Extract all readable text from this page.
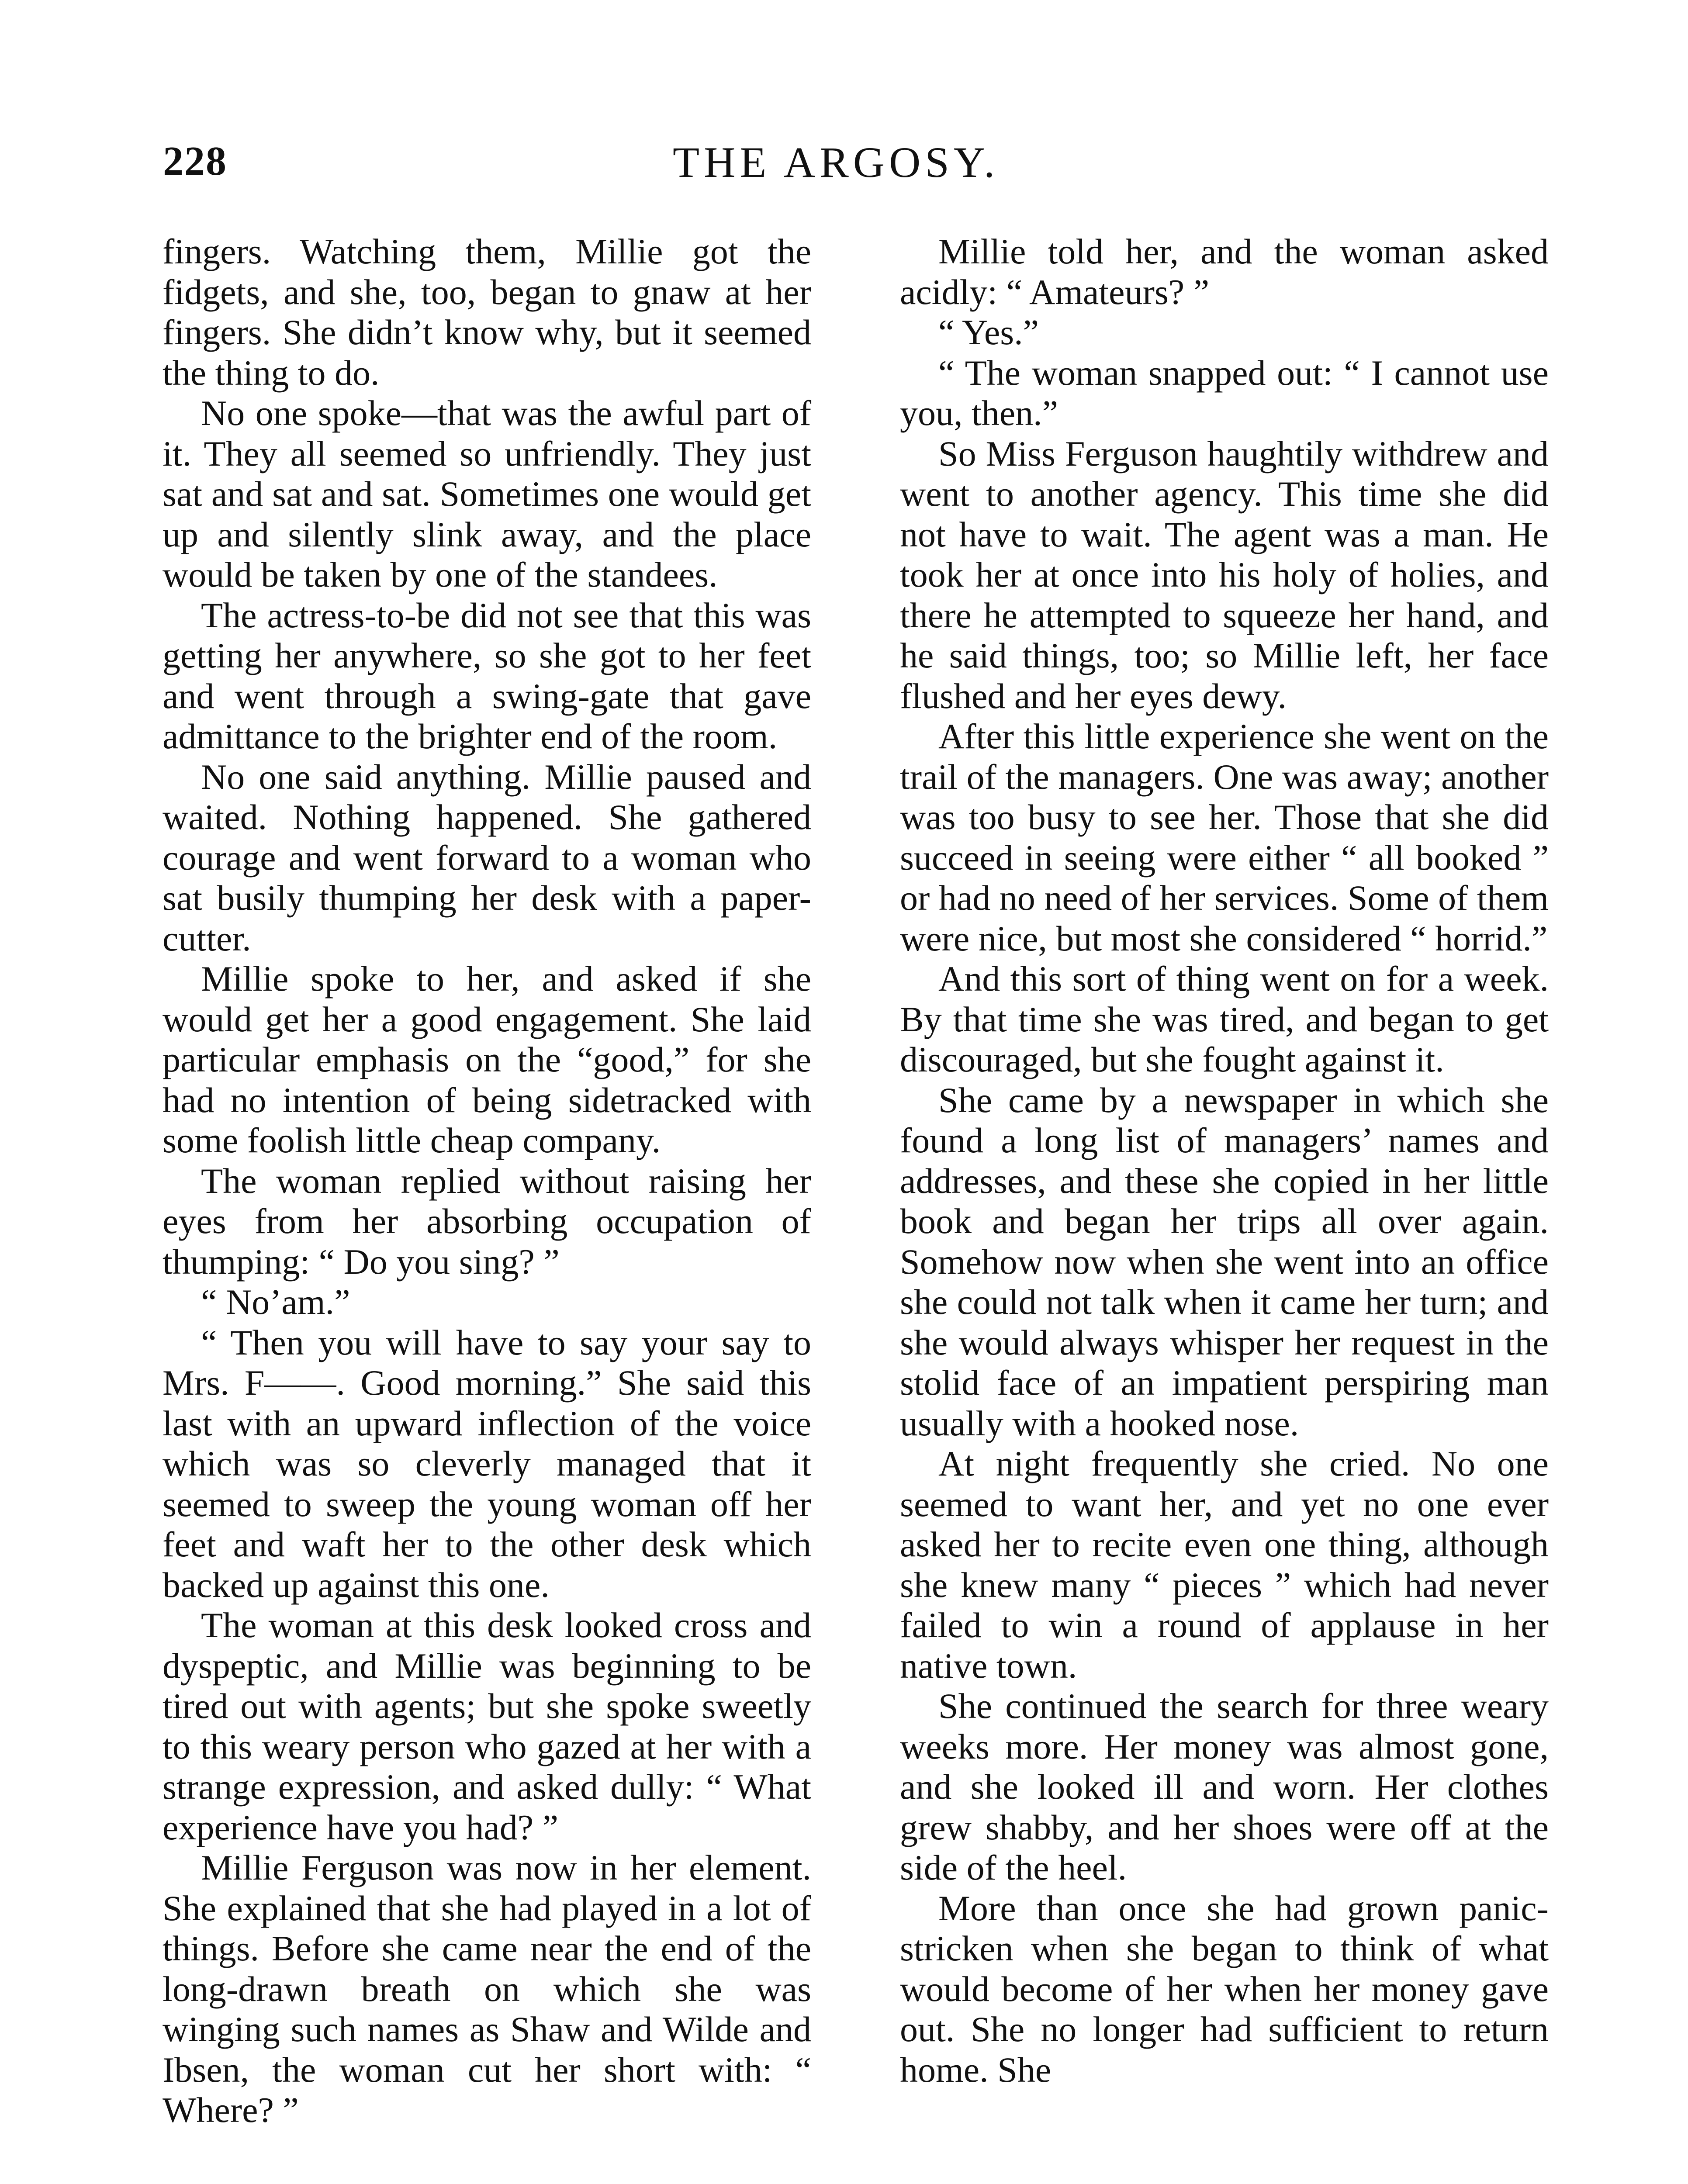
228	THE ARGOSY.

fingers. Watching them, Millie got the fidgets, and she, too, began to gnaw at her fingers. She didn’t know why, but it seemed the thing to do.

No one spoke—that was the awful part of it. They all seemed so unfriendly. They just sat and sat and sat. Sometimes one would get up and silently slink away, and the place would be taken by one of the standees.

The actress-to-be did not see that this was getting her anywhere, so she got to her feet and went through a swing-gate that gave admittance to the brighter end of the room.

No one said anything. Millie paused and waited. Nothing happened. She gathered courage and went forward to a woman who sat busily thumping her desk with a paper-cutter.

Millie spoke to her, and asked if she would get her a good engagement. She laid particular emphasis on the “good,” for she had no intention of being sidetracked with some foolish little cheap company.

The woman replied without raising her eyes from her absorbing occupation of thumping: “ Do you sing? ”

“ No’am.”

“ Then you will have to say your say to Mrs. F——. Good morning.” She said this last with an upward inflection of the voice which was so cleverly managed that it seemed to sweep the young woman off her feet and waft her to the other desk which backed up against this one.

The woman at this desk looked cross and dyspeptic, and Millie was beginning to be tired out with agents; but she spoke sweetly to this weary person who gazed at her with a strange expression, and asked dully: “ What experience have you had? ”

Millie Ferguson was now in her element. She explained that she had played in a lot of things. Before she came near the end of the long-drawn breath on which she was winging such names as Shaw and Wilde and Ibsen, the woman cut her short with: “ Where? ”

Millie told her, and the woman asked acidly: “ Amateurs? ”

“ Yes.”

“ The woman snapped out: “ I cannot use you, then.”

So Miss Ferguson haughtily withdrew and went to another agency. This time she did not have to wait. The agent was a man. He took her at once into his holy of holies, and there he attempted to squeeze her hand, and he said things, too; so Millie left, her face flushed and her eyes dewy.

After this little experience she went on the trail of the managers. One was away; another was too busy to see her. Those that she did succeed in seeing were either “ all booked ” or had no need of her services. Some of them were nice, but most she considered “ horrid.”

And this sort of thing went on for a week. By that time she was tired, and began to get discouraged, but she fought against it.

She came by a newspaper in which she found a long list of managers’ names and addresses, and these she copied in her little book and began her trips all over again. Somehow now when she went into an office she could not talk when it came her turn; and she would always whisper her request in the stolid face of an impatient perspiring man usually with a hooked nose.

At night frequently she cried. No one seemed to want her, and yet no one ever asked her to recite even one thing, although she knew many “ pieces ” which had never failed to win a round of applause in her native town.

She continued the search for three weary weeks more. Her money was almost gone, and she looked ill and worn. Her clothes grew shabby, and her shoes were off at the side of the heel.

More than once she had grown panic-stricken when she began to think of what would become of her when her money gave out. She no longer had sufficient to return home. She
